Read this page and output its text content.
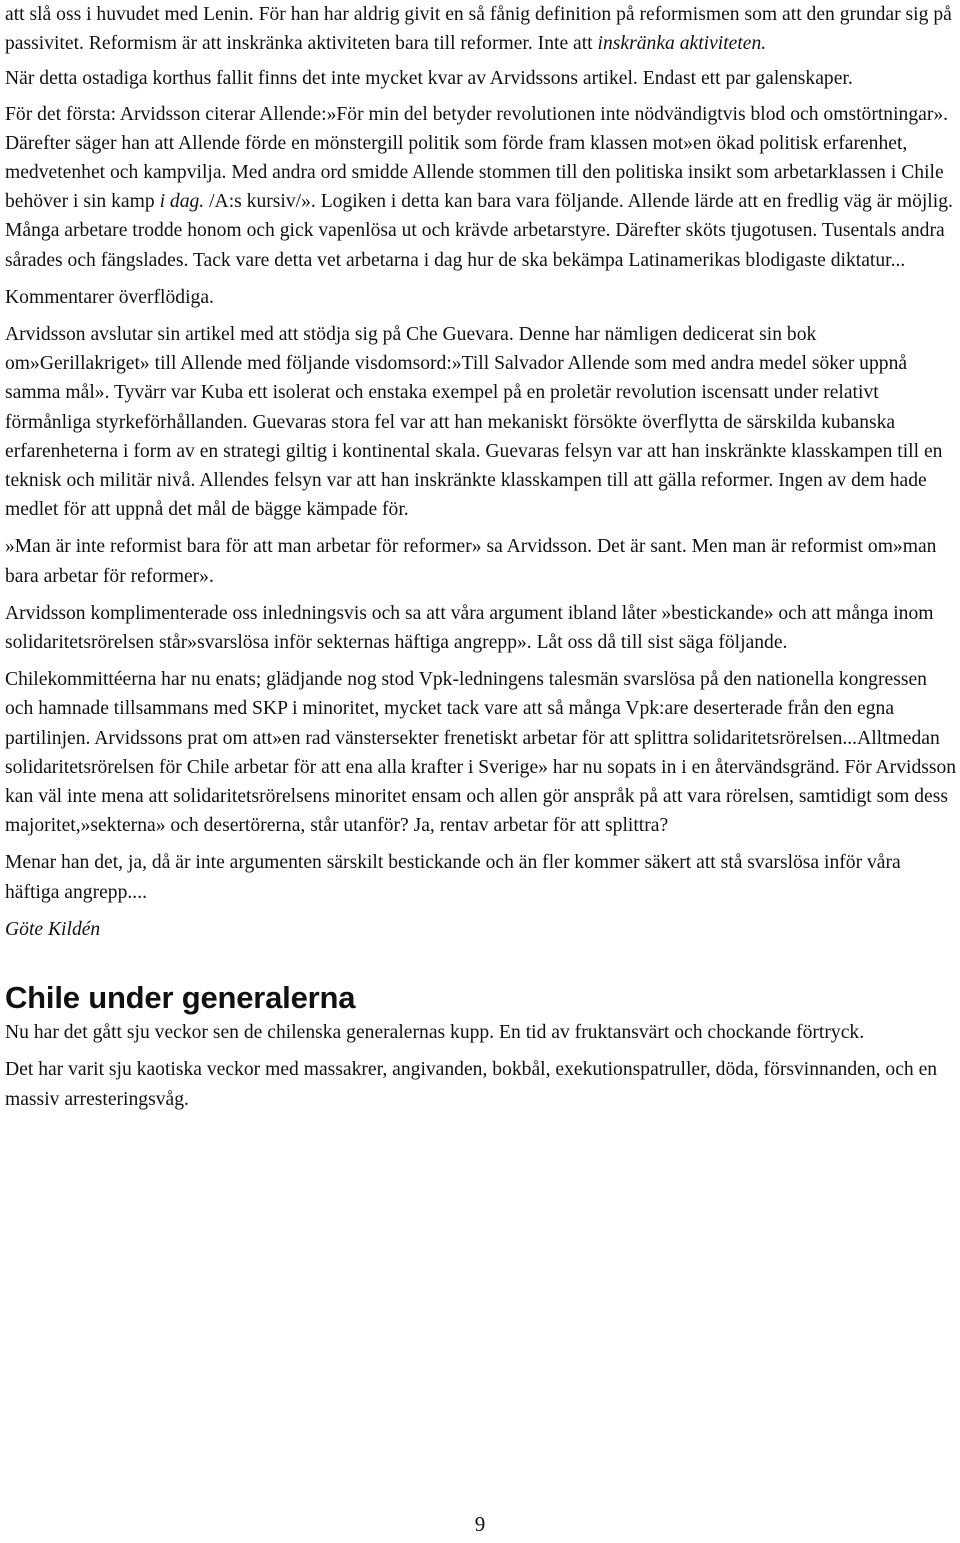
att slå oss i huvudet med Lenin. För han har aldrig givit en så fånig definition på reformismen som att den grundar sig på passivitet. Reformism är att inskränka aktiviteten bara till reformer. Inte att inskränka aktiviteten.

När detta ostadiga korthus fallit finns det inte mycket kvar av Arvidssons artikel. Endast ett par galenskaper.

För det första: Arvidsson citerar Allende:»För min del betyder revolutionen inte nödvändigtvis blod och omstörtningar». Därefter säger han att Allende förde en mönstergill politik som förde fram klassen mot»en ökad politisk erfarenhet, medvetenhet och kampvilja. Med andra ord smidde Allende stommen till den politiska insikt som arbetarklassen i Chile behöver i sin kamp i dag. /A:s kursiv/». Logiken i detta kan bara vara följande. Allende lärde att en fredlig väg är möjlig. Många arbetare trodde honom och gick vapenlösa ut och krävde arbetarstyre. Därefter sköts tjugotusen. Tusentals andra sårades och fängslades. Tack vare detta vet arbetarna i dag hur de ska bekämpa Latinamerikas blodigaste diktatur...

Kommentarer överflödiga.

Arvidsson avslutar sin artikel med att stödja sig på Che Guevara. Denne har nämligen dedicerat sin bok om»Gerillakriget» till Allende med följande visdomsord:»Till Salvador Allende som med andra medel söker uppnå samma mål». Tyvärr var Kuba ett isolerat och enstaka exempel på en proletär revolution iscensatt under relativt förmånliga styrkeförhållanden. Guevaras stora fel var att han mekaniskt försökte överflytta de särskilda kubanska erfarenheterna i form av en strategi giltig i kontinental skala. Guevaras felsyn var att han inskränkte klasskampen till en teknisk och militär nivå. Allendes felsyn var att han inskränkte klasskampen till att gälla reformer. Ingen av dem hade medlet för att uppnå det mål de bägge kämpade för.

»Man är inte reformist bara för att man arbetar för reformer» sa Arvidsson. Det är sant. Men man är reformist om»man bara arbetar för reformer».

Arvidsson komplimenterade oss inledningsvis och sa att våra argument ibland låter »bestickande» och att många inom solidaritetsrörelsen står»svarslösa inför sekternas häftiga angrepp». Låt oss då till sist säga följande.

Chilekommittéerna har nu enats; glädjande nog stod Vpk-ledningens talesmän svarslösa på den nationella kongressen och hamnade tillsammans med SKP i minoritet, mycket tack vare att så många Vpk:are deserterade från den egna partilinjen. Arvidssons prat om att»en rad vänstersekter frenetiskt arbetar för att splittra solidaritetsrörelsen...Alltmedan solidaritetsrörelsen för Chile arbetar för att ena alla krafter i Sverige» har nu sopats in i en återvändsgränd. För Arvidsson kan väl inte mena att solidaritetsrörelsens minoritet ensam och allen gör anspråk på att vara rörelsen, samtidigt som dess majoritet,»sekterna» och desertörerna, står utanför? Ja, rentav arbetar för att splittra?

Menar han det, ja, då är inte argumenten särskilt bestickande och än fler kommer säkert att stå svarslösa inför våra häftiga angrepp....

Göte Kildén

Chile under generalerna

Nu har det gått sju veckor sen de chilenska generalernas kupp. En tid av fruktansvärt och chockande förtryck.

Det har varit sju kaotiska veckor med massakrer, angivanden, bokbål, exekutionspatruller, döda, försvinnanden, och en massiv arresteringsvåg.

9
